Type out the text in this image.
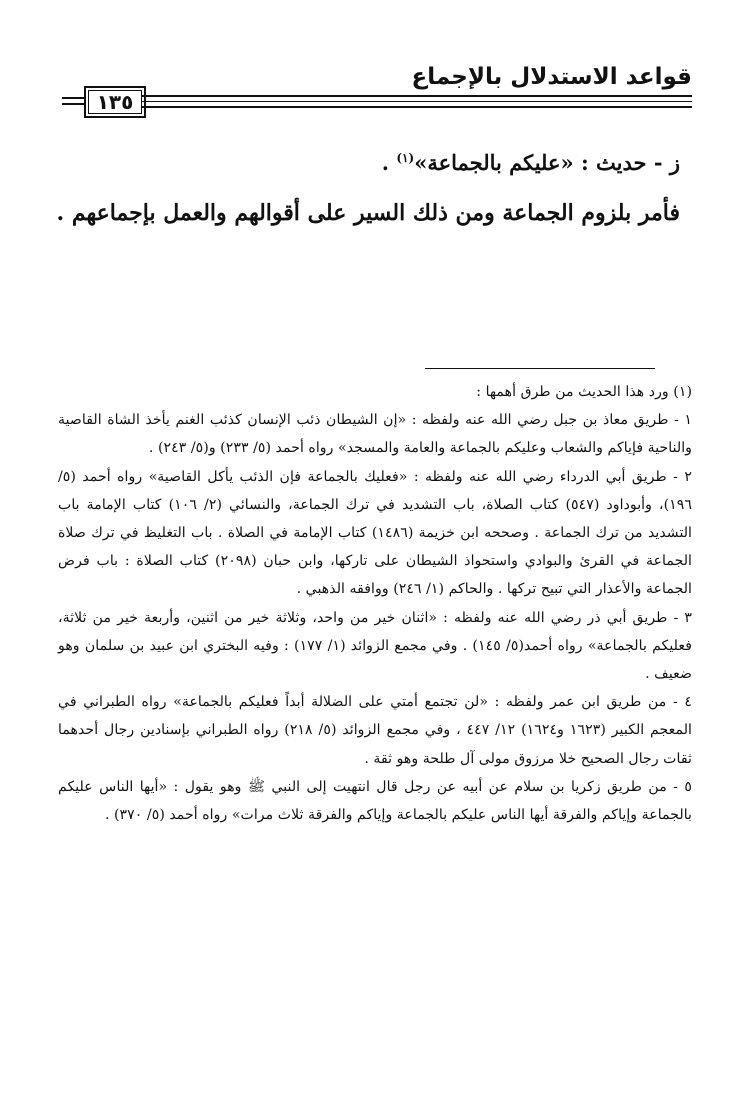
قواعد الاستدلال بالإجماع
١٣٥
ز - حديث : «عليكم بالجماعة»$^{(١)}$ .
فأمر بلزوم الجماعة ومن ذلك السير على أقوالهم والعمل بإجماعهم .

(١) ورد هذا الحديث من طرق أهمها :

١ - طريق معاذ بن جبل رضي الله عنه ولفظه : «إن الشيطان ذئب الإنسان كذئب الغنم يأخذ الشاة القاصية والناحية فإياكم والشعاب وعليكم بالجماعة والعامة والمسجد» رواه أحمد (٥/ ٢٣٣) و(٥/ ٢٤٣) .

٢ - طريق أبي الدرداء رضي الله عنه ولفظه : «فعليك بالجماعة فإن الذئب يأكل القاصية» رواه أحمد (٥/ ١٩٦)، وأبوداود (٥٤٧) كتاب الصلاة، باب التشديد في ترك الجماعة، والنسائي (٢/ ١٠٦) كتاب الإمامة باب التشديد من ترك الجماعة . وصححه ابن خزيمة (١٤٨٦) كتاب الإمامة في الصلاة . باب التغليظ في ترك صلاة الجماعة في القرئ والبوادي واستحواذ الشيطان على تاركها، وابن حبان (٢٠٩٨) كتاب الصلاة : باب فرض الجماعة والأعذار التي تبيح تركها . والحاكم (١/ ٢٤٦) ووافقه الذهبي .

٣ - طريق أبي ذر رضي الله عنه ولفظه : «اثنان خير من واحد، وثلاثة خير من اثنين، وأربعة خير من ثلاثة، فعليكم بالجماعة» رواه أحمد(٥/ ١٤٥) . وفي مجمع الزوائد (١/ ١٧٧) : وفيه البختري ابن عبيد بن سلمان وهو ضعيف .

٤ - من طريق ابن عمر ولفظه : «لن تجتمع أمتي على الضلالة أبداً فعليكم بالجماعة» رواه الطبراني في المعجم الكبير (١٦٢٣ و١٦٢٤) ١٢/ ٤٤٧ ، وفي مجمع الزوائد (٥/ ٢١٨) رواه الطبراني بإسنادين رجال أحدهما ثقات رجال الصحيح خلا مرزوق مولى آل طلحة وهو ثقة .

٥ - من طريق زكريا بن سلام عن أبيه عن رجل قال انتهيت إلى النبي ﷺ وهو يقول : «أيها الناس عليكم بالجماعة وإياكم والفرقة أيها الناس عليكم بالجماعة وإياكم والفرقة ثلاث مرات» رواه أحمد (٥/ ٣٧٠) .
